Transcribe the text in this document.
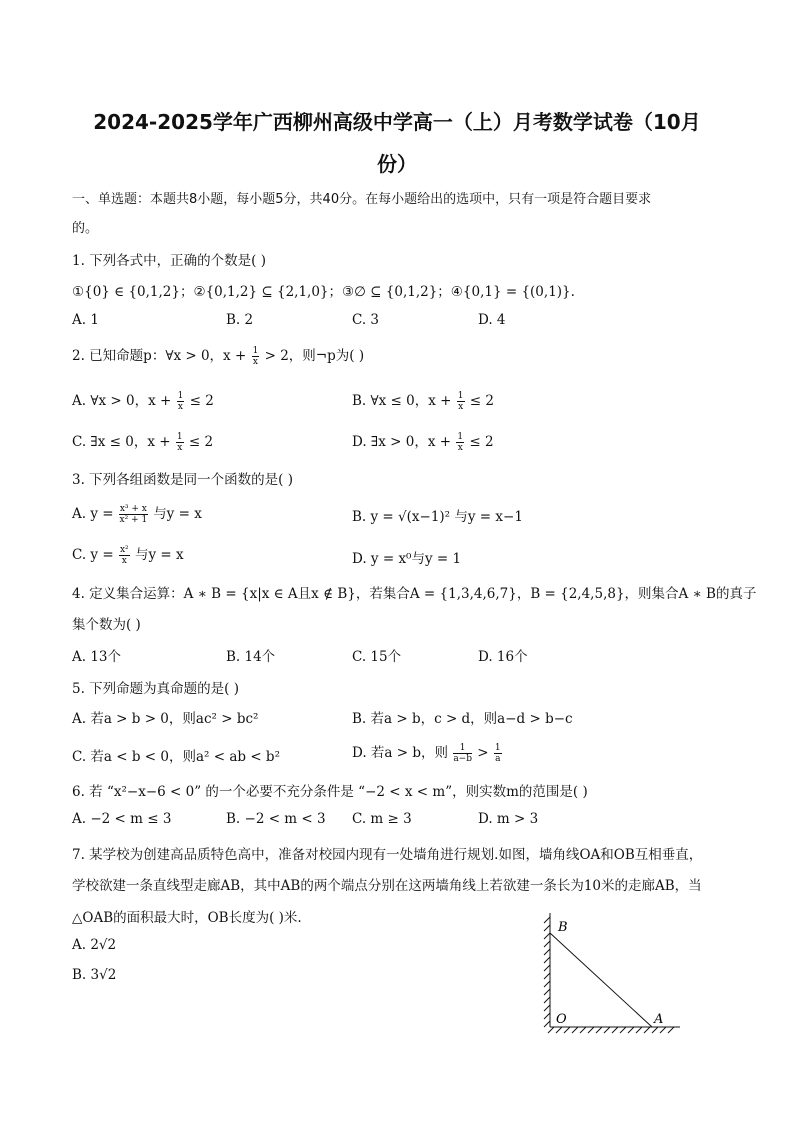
2024-2025学年广西柳州高级中学高一（上）月考数学试卷（10月
份）
一、单选题：本题共8小题，每小题5分，共40分。在每小题给出的选项中，只有一项是符合题目要求
的。
1. 下列各式中，正确的个数是( )
①{0} ∈ {0,1,2}；②{0,1,2} ⊆ {2,1,0}；③∅ ⊆ {0,1,2}；④{0,1} = {(0,1)}.
A. 1	B. 2	C. 3	D. 4
2. 已知命题p：∀x > 0，$x + \frac{1}{x} > 2$，则¬p为( )
A. ∀x > 0，$x + \frac{1}{x} \le 2$	B. ∀x ≤ 0，$x + \frac{1}{x} \le 2$
C. ∃x ≤ 0，$x + \frac{1}{x} \le 2$	D. ∃x > 0，$x + \frac{1}{x} \le 2$
3. 下列各组函数是同一个函数的是( )
A. $y = \frac{\text{x³ + x}}{\text{x² + 1}}$ 与y = x	B. y = √(x−1)² 与y = x−1
C. $y = \frac{\text{x²}}{x}$ 与y = x	D. y = x⁰与y = 1
4. 定义集合运算：A ∗ B = {x|x ∈ A且x ∉ B}，若集合A = {1,3,4,6,7}，B = {2,4,5,8}，则集合A ∗ B的真子
集个数为( )
A. 13个	B. 14个	C. 15个	D. 16个
5. 下列命题为真命题的是( )
A. 若a > b > 0，则ac² > bc²	B. 若a > b，c > d，则a−d > b−c
C. 若a < b < 0，则a² < ab < b²	D. 若a > b，则 $\frac{1}{a-b} > \frac{1}{a}$
6. 若 “x²−x−6 < 0” 的一个必要不充分条件是 “−2 < x < m”，则实数m的范围是( )
A. −2 < m ≤ 3	B. −2 < m < 3 C. m ≥ 3	D. m > 3
7. 某学校为创建高品质特色高中，准备对校园内现有一处墙角进行规划.如图，墙角线OA和OB互相垂直，
学校欲建一条直线型走廊AB，其中AB的两个端点分别在这两墙角线上若欲建一条长为10米的走廊AB，当
△OAB的面积最大时，OB长度为( )米.
A. 2√2
B. 3√2
B
O	A
